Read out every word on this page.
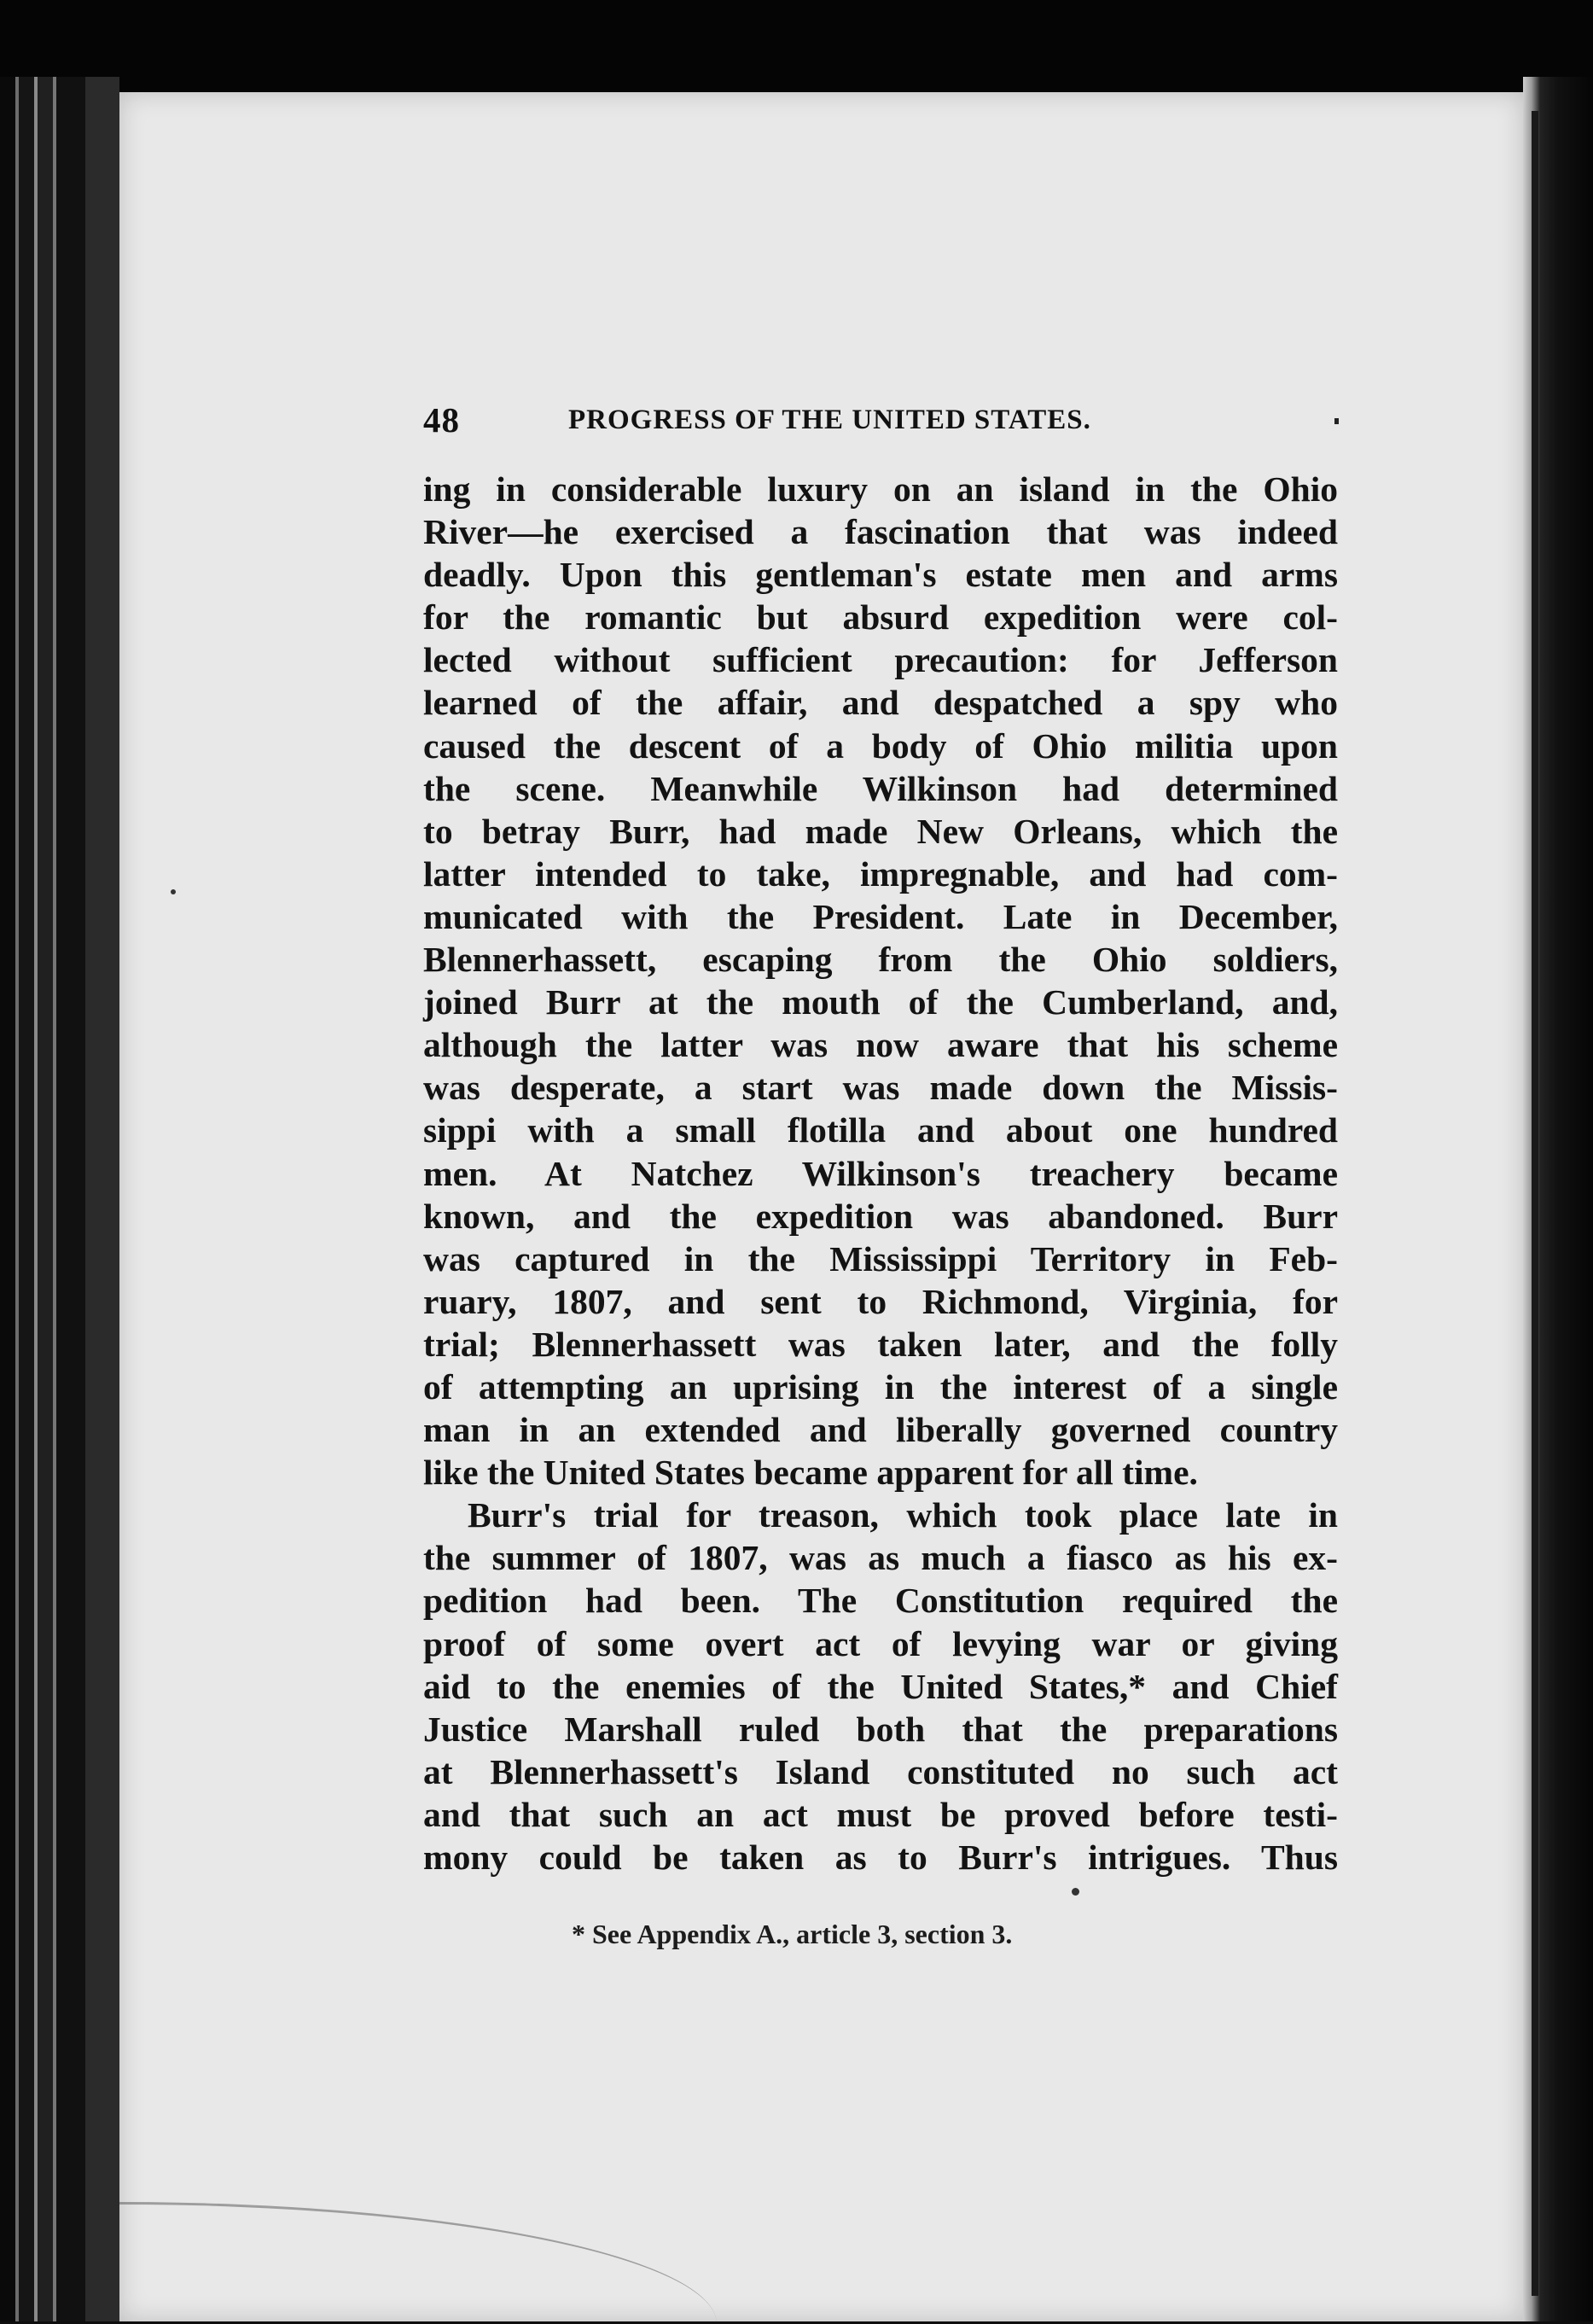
48	PROGRESS OF THE UNITED STATES.
ing in considerable luxury on an island in the Ohio
River—he exercised a fascination that was indeed
deadly. Upon this gentleman's estate men and arms
for the romantic but absurd expedition were col-
lected without sufficient precaution: for Jefferson
learned of the affair, and despatched a spy who
caused the descent of a body of Ohio militia upon
the scene. Meanwhile Wilkinson had determined
to betray Burr, had made New Orleans, which the
latter intended to take, impregnable, and had com-
municated with the President. Late in December,
Blennerhassett, escaping from the Ohio soldiers,
joined Burr at the mouth of the Cumberland, and,
although the latter was now aware that his scheme
was desperate, a start was made down the Missis-
sippi with a small flotilla and about one hundred
men. At Natchez Wilkinson's treachery became
known, and the expedition was abandoned. Burr
was captured in the Mississippi Territory in Feb-
ruary, 1807, and sent to Richmond, Virginia, for
trial; Blennerhassett was taken later, and the folly
of attempting an uprising in the interest of a single
man in an extended and liberally governed country
like the United States became apparent for all time.
Burr's trial for treason, which took place late in
the summer of 1807, was as much a fiasco as his ex-
pedition had been. The Constitution required the
proof of some overt act of levying war or giving
aid to the enemies of the United States,* and Chief
Justice Marshall ruled both that the preparations
at Blennerhassett's Island constituted no such act
and that such an act must be proved before testi-
mony could be taken as to Burr's intrigues. Thus
* See Appendix A., article 3, section 3.
